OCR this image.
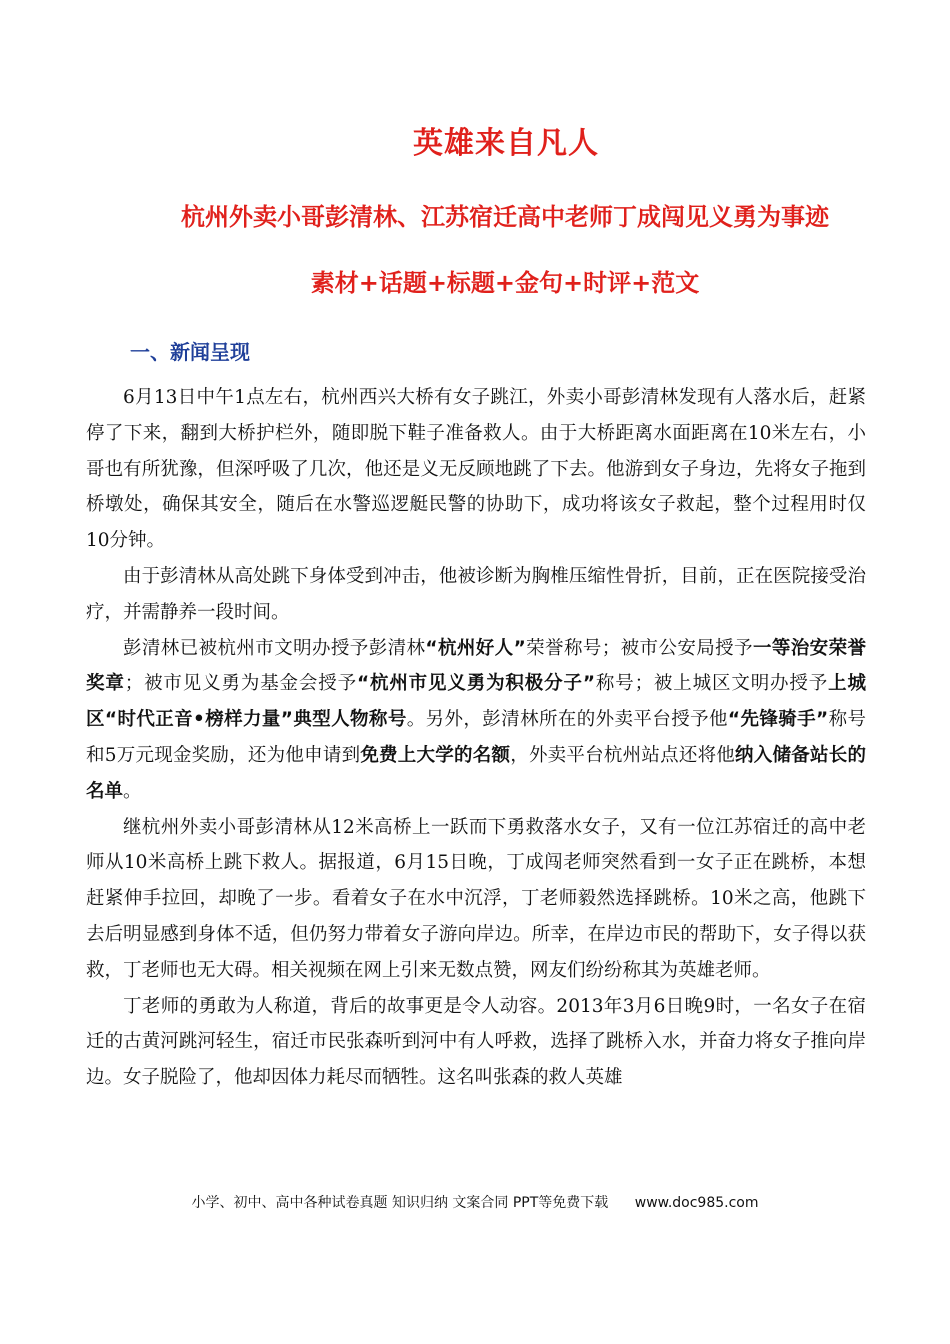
英雄来自凡人
杭州外卖小哥彭清林、江苏宿迁高中老师丁成闯见义勇为事迹
素材+话题+标题+金句+时评+范文
一、新闻呈现

6月13日中午1点左右，杭州西兴大桥有女子跳江，外卖小哥彭清林发现有人落水后，赶紧停了下来，翻到大桥护栏外，随即脱下鞋子准备救人。由于大桥距离水面距离在10米左右，小哥也有所犹豫，但深呼吸了几次，他还是义无反顾地跳了下去。他游到女子身边，先将女子拖到桥墩处，确保其安全，随后在水警巡逻艇民警的协助下，成功将该女子救起，整个过程用时仅10分钟。

由于彭清林从高处跳下身体受到冲击，他被诊断为胸椎压缩性骨折，目前，正在医院接受治疗，并需静养一段时间。

彭清林已被杭州市文明办授予彭清林“杭州好人”荣誉称号；被市公安局授予一等治安荣誉奖章；被市见义勇为基金会授予“杭州市见义勇为积极分子”称号；被上城区文明办授予上城区“时代正音•榜样力量”典型人物称号。另外，彭清林所在的外卖平台授予他“先锋骑手”称号和5万元现金奖励，还为他申请到免费上大学的名额，外卖平台杭州站点还将他纳入储备站长的名单。

继杭州外卖小哥彭清林从12米高桥上一跃而下勇救落水女子，又有一位江苏宿迁的高中老师从10米高桥上跳下救人。据报道，6月15日晚，丁成闯老师突然看到一女子正在跳桥，本想赶紧伸手拉回，却晚了一步。看着女子在水中沉浮，丁老师毅然选择跳桥。10米之高，他跳下去后明显感到身体不适，但仍努力带着女子游向岸边。所幸，在岸边市民的帮助下，女子得以获救，丁老师也无大碍。相关视频在网上引来无数点赞，网友们纷纷称其为英雄老师。

丁老师的勇敢为人称道，背后的故事更是令人动容。2013年3月6日晚9时，一名女子在宿迁的古黄河跳河轻生，宿迁市民张森听到河中有人呼救，选择了跳桥入水，并奋力将女子推向岸边。女子脱险了，他却因体力耗尽而牺牲。这名叫张森的救人英雄

小学、初中、高中各种试卷真题 知识归纳 文案合同 PPT等免费下载 www.doc985.com
